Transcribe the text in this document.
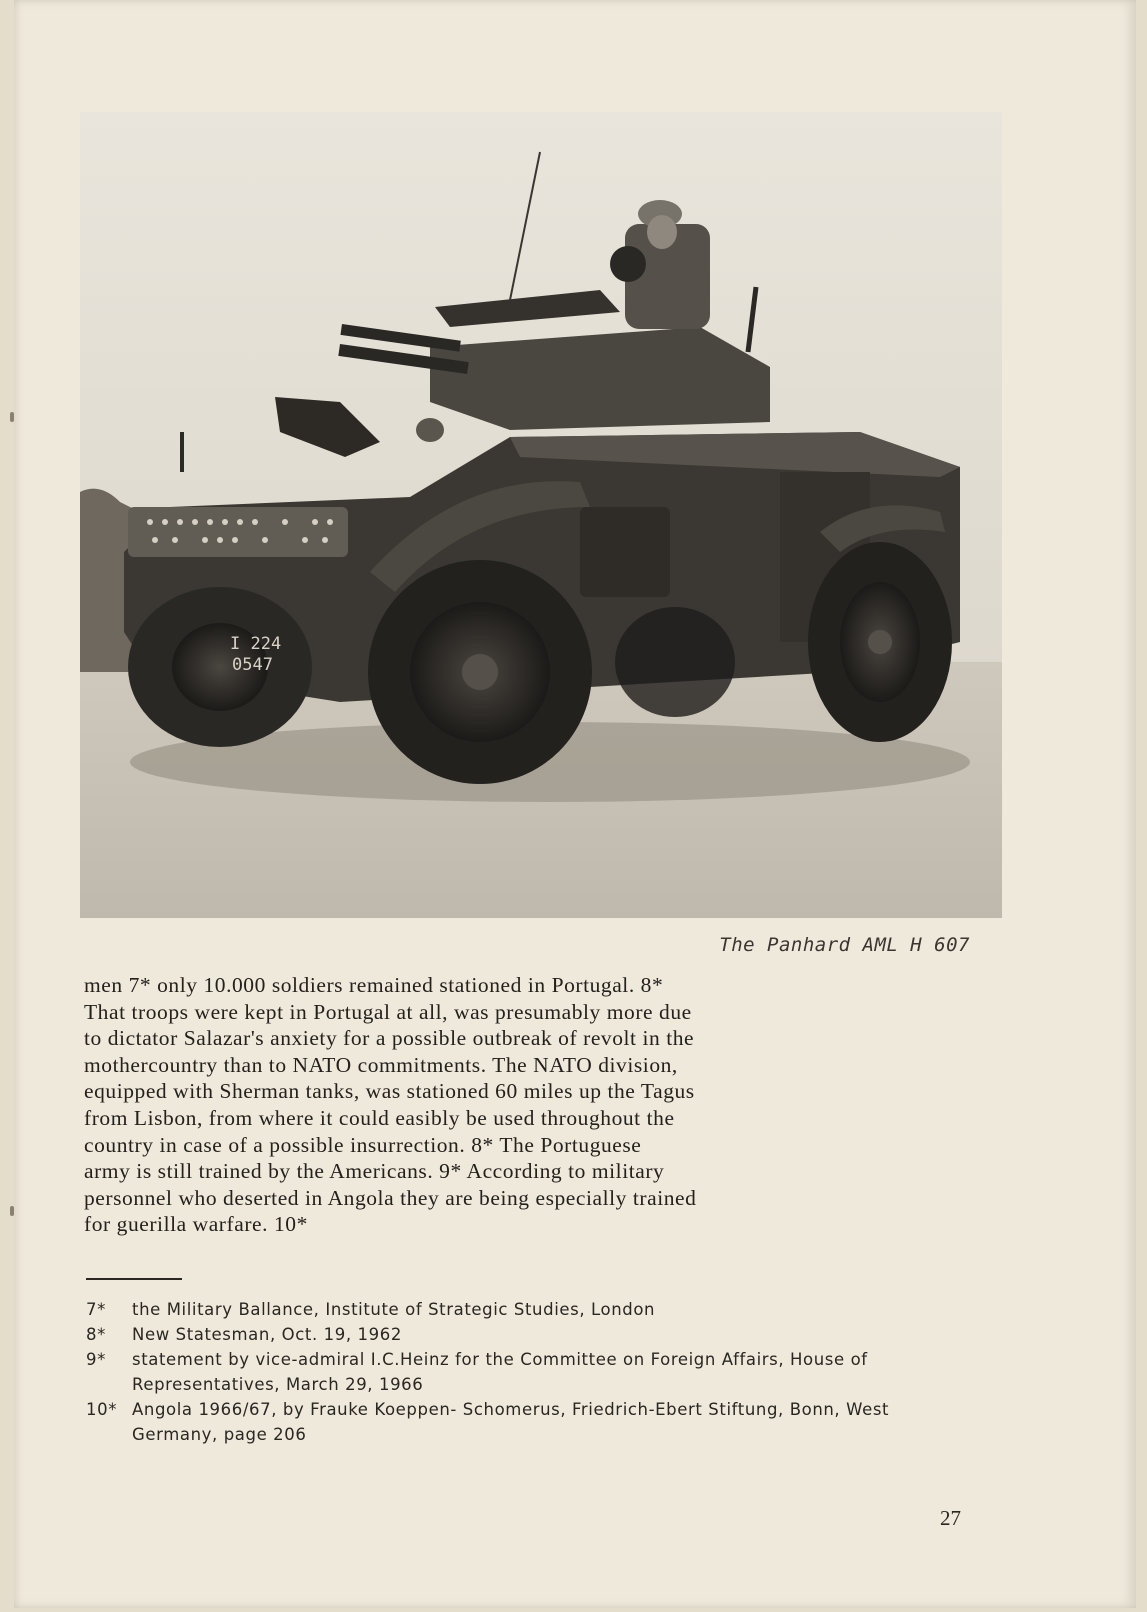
I 224
0547
The Panhard AML H 607
men 7* only 10.000 soldiers remained stationed in Portugal. 8*
That troops were kept in Portugal at all, was presumably more due
to dictator Salazar's anxiety for a possible outbreak of revolt in the
mothercountry than to NATO commitments. The NATO division,
equipped with Sherman tanks, was stationed 60 miles up the Tagus
from Lisbon, from where it could easibly be used throughout the
country in case of a possible insurrection. 8* The Portuguese
army is still trained by the Americans. 9* According to military
personnel who deserted in Angola they are being especially trained
for guerilla warfare. 10*
7*	the Military Ballance, Institute of Strategic Studies, London
8*	New Statesman, Oct. 19, 1962
9*	statement by vice-admiral I.C.Heinz for the Committee on Foreign Affairs, House of Representatives, March 29, 1966
10* Angola 1966/67, by Frauke Koeppen- Schomerus, Friedrich-Ebert Stiftung, Bonn, West Germany, page 206
27
